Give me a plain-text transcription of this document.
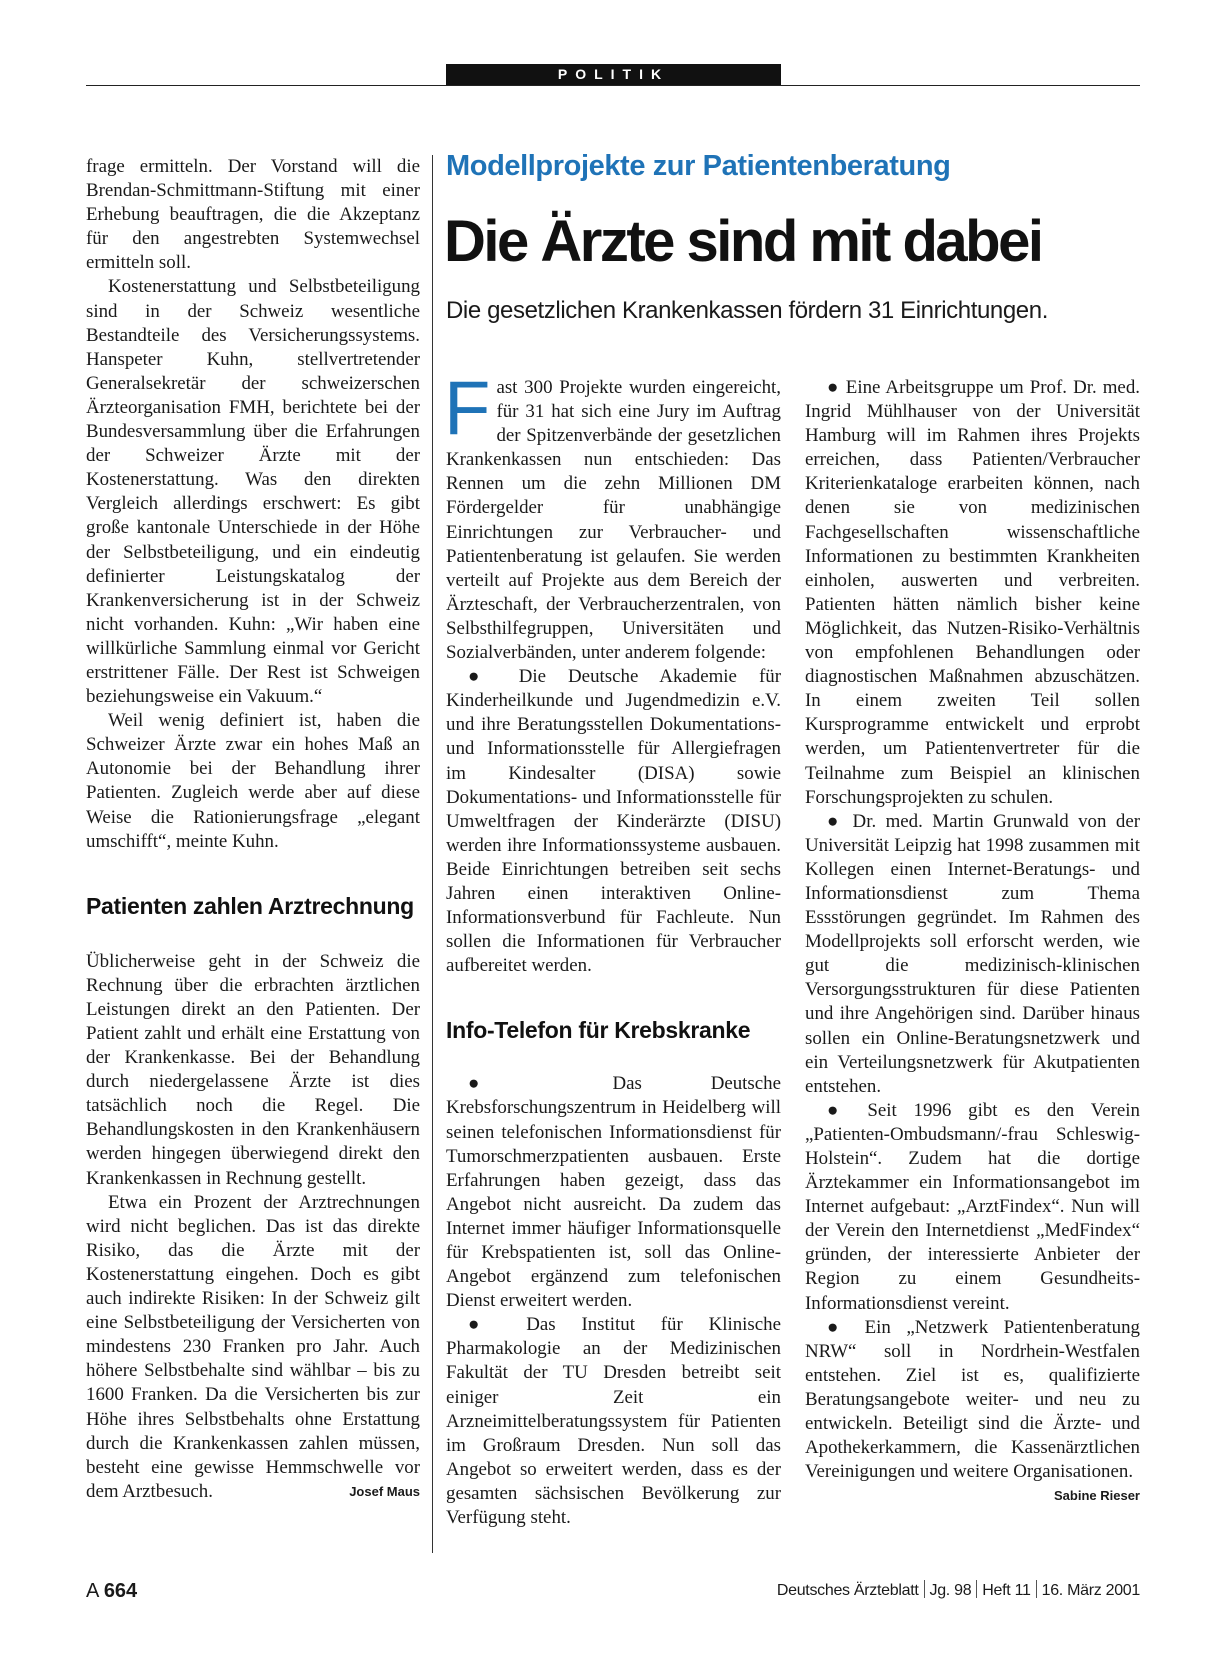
POLITIK
Modellprojekte zur Patientenberatung
Die Ärzte sind mit dabei
Die gesetzlichen Krankenkassen fördern 31 Einrichtungen.

frage ermitteln. Der Vorstand will die Brendan-Schmittmann-Stiftung mit einer Erhebung beauftragen, die die Akzeptanz für den angestrebten Systemwechsel ermitteln soll.

Kostenerstattung und Selbstbeteiligung sind in der Schweiz wesentliche Bestandteile des Versicherungssystems. Hanspeter Kuhn, stellvertretender Generalsekretär der schweizerschen Ärzteorganisation FMH, berichtete bei der Bundesversammlung über die Erfahrungen der Schweizer Ärzte mit der Kostenerstattung. Was den direkten Vergleich allerdings erschwert: Es gibt große kantonale Unterschiede in der Höhe der Selbstbeteiligung, und ein eindeutig definierter Leistungskatalog der Krankenversicherung ist in der Schweiz nicht vorhanden. Kuhn: „Wir haben eine willkürliche Sammlung einmal vor Gericht erstrittener Fälle. Der Rest ist Schweigen beziehungsweise ein Vakuum.“

Weil wenig definiert ist, haben die Schweizer Ärzte zwar ein hohes Maß an Autonomie bei der Behandlung ihrer Patienten. Zugleich werde aber auf diese Weise die Rationierungsfrage „elegant umschifft“, meinte Kuhn.

Patienten zahlen Arztrechnung

Üblicherweise geht in der Schweiz die Rechnung über die erbrachten ärztlichen Leistungen direkt an den Patienten. Der Patient zahlt und erhält eine Erstattung von der Krankenkasse. Bei der Behandlung durch niedergelassene Ärzte ist dies tatsächlich noch die Regel. Die Behandlungskosten in den Krankenhäusern werden hingegen überwiegend direkt den Krankenkassen in Rechnung gestellt.

Etwa ein Prozent der Arztrechnungen wird nicht beglichen. Das ist das direkte Risiko, das die Ärzte mit der Kostenerstattung eingehen. Doch es gibt auch indirekte Risiken: In der Schweiz gilt eine Selbstbeteiligung der Versicherten von mindestens 230 Franken pro Jahr. Auch höhere Selbstbehalte sind wählbar – bis zu 1600 Franken. Da die Versicherten bis zur Höhe ihres Selbstbehalts ohne Erstattung durch die Krankenkassen zahlen müssen, besteht eine gewisse Hemmschwelle vor dem Arztbesuch.	Josef Maus

Fast 300 Projekte wurden eingereicht, für 31 hat sich eine Jury im Auftrag der Spitzenverbände der gesetzlichen Krankenkassen nun entschieden: Das Rennen um die zehn Millionen DM Fördergelder für unabhängige Einrichtungen zur Verbraucher- und Patientenberatung ist gelaufen. Sie werden verteilt auf Projekte aus dem Bereich der Ärzteschaft, der Verbraucherzentralen, von Selbsthilfegruppen, Universitäten und Sozialverbänden, unter anderem folgende:

● Die Deutsche Akademie für Kinderheilkunde und Jugendmedizin e.V. und ihre Beratungsstellen Dokumentations- und Informationsstelle für Allergiefragen im Kindesalter (DISA) sowie Dokumentations- und Informationsstelle für Umweltfragen der Kinderärzte (DISU) werden ihre Informationssysteme ausbauen. Beide Einrichtungen betreiben seit sechs Jahren einen interaktiven Online-Informationsverbund für Fachleute. Nun sollen die Informationen für Verbraucher aufbereitet werden.

Info-Telefon für Krebskranke

● Das Deutsche Krebsforschungszentrum in Heidelberg will seinen telefonischen Informationsdienst für Tumorschmerzpatienten ausbauen. Erste Erfahrungen haben gezeigt, dass das Angebot nicht ausreicht. Da zudem das Internet immer häufiger Informationsquelle für Krebspatienten ist, soll das Online-Angebot ergänzend zum telefonischen Dienst erweitert werden.

● Das Institut für Klinische Pharmakologie an der Medizinischen Fakultät der TU Dresden betreibt seit einiger Zeit ein Arzneimittelberatungssystem für Patienten im Großraum Dresden. Nun soll das Angebot so erweitert werden, dass es der gesamten sächsischen Bevölkerung zur Verfügung steht.

● Eine Arbeitsgruppe um Prof. Dr. med. Ingrid Mühlhauser von der Universität Hamburg will im Rahmen ihres Projekts erreichen, dass Patienten/Verbraucher Kriterienkataloge erarbeiten können, nach denen sie von medizinischen Fachgesellschaften wissenschaftliche Informationen zu bestimmten Krankheiten einholen, auswerten und verbreiten. Patienten hätten nämlich bisher keine Möglichkeit, das Nutzen-Risiko-Verhältnis von empfohlenen Behandlungen oder diagnostischen Maßnahmen abzuschätzen. In einem zweiten Teil sollen Kursprogramme entwickelt und erprobt werden, um Patientenvertreter für die Teilnahme zum Beispiel an klinischen Forschungsprojekten zu schulen.

● Dr. med. Martin Grunwald von der Universität Leipzig hat 1998 zusammen mit Kollegen einen Internet-Beratungs- und Informationsdienst zum Thema Essstörungen gegründet. Im Rahmen des Modellprojekts soll erforscht werden, wie gut die medizinisch-klinischen Versorgungsstrukturen für diese Patienten und ihre Angehörigen sind. Darüber hinaus sollen ein Online-Beratungsnetzwerk und ein Verteilungsnetzwerk für Akutpatienten entstehen.

● Seit 1996 gibt es den Verein „Patienten-Ombudsmann/-frau Schleswig-Holstein“. Zudem hat die dortige Ärztekammer ein Informationsangebot im Internet aufgebaut: „ArztFindex“. Nun will der Verein den Internetdienst „MedFindex“ gründen, der interessierte Anbieter der Region zu einem Gesundheits-Informationsdienst vereint.

● Ein „Netzwerk Patientenberatung NRW“ soll in Nordrhein-Westfalen entstehen. Ziel ist es, qualifizierte Beratungsangebote weiter- und neu zu entwickeln. Beteiligt sind die Ärzte- und Apothekerkammern, die Kassenärztlichen Vereinigungen und weitere Organisationen.
Sabine Rieser

A 664	Deutsches Ärzteblatt Jg. 98 Heft 11 16. März 2001
